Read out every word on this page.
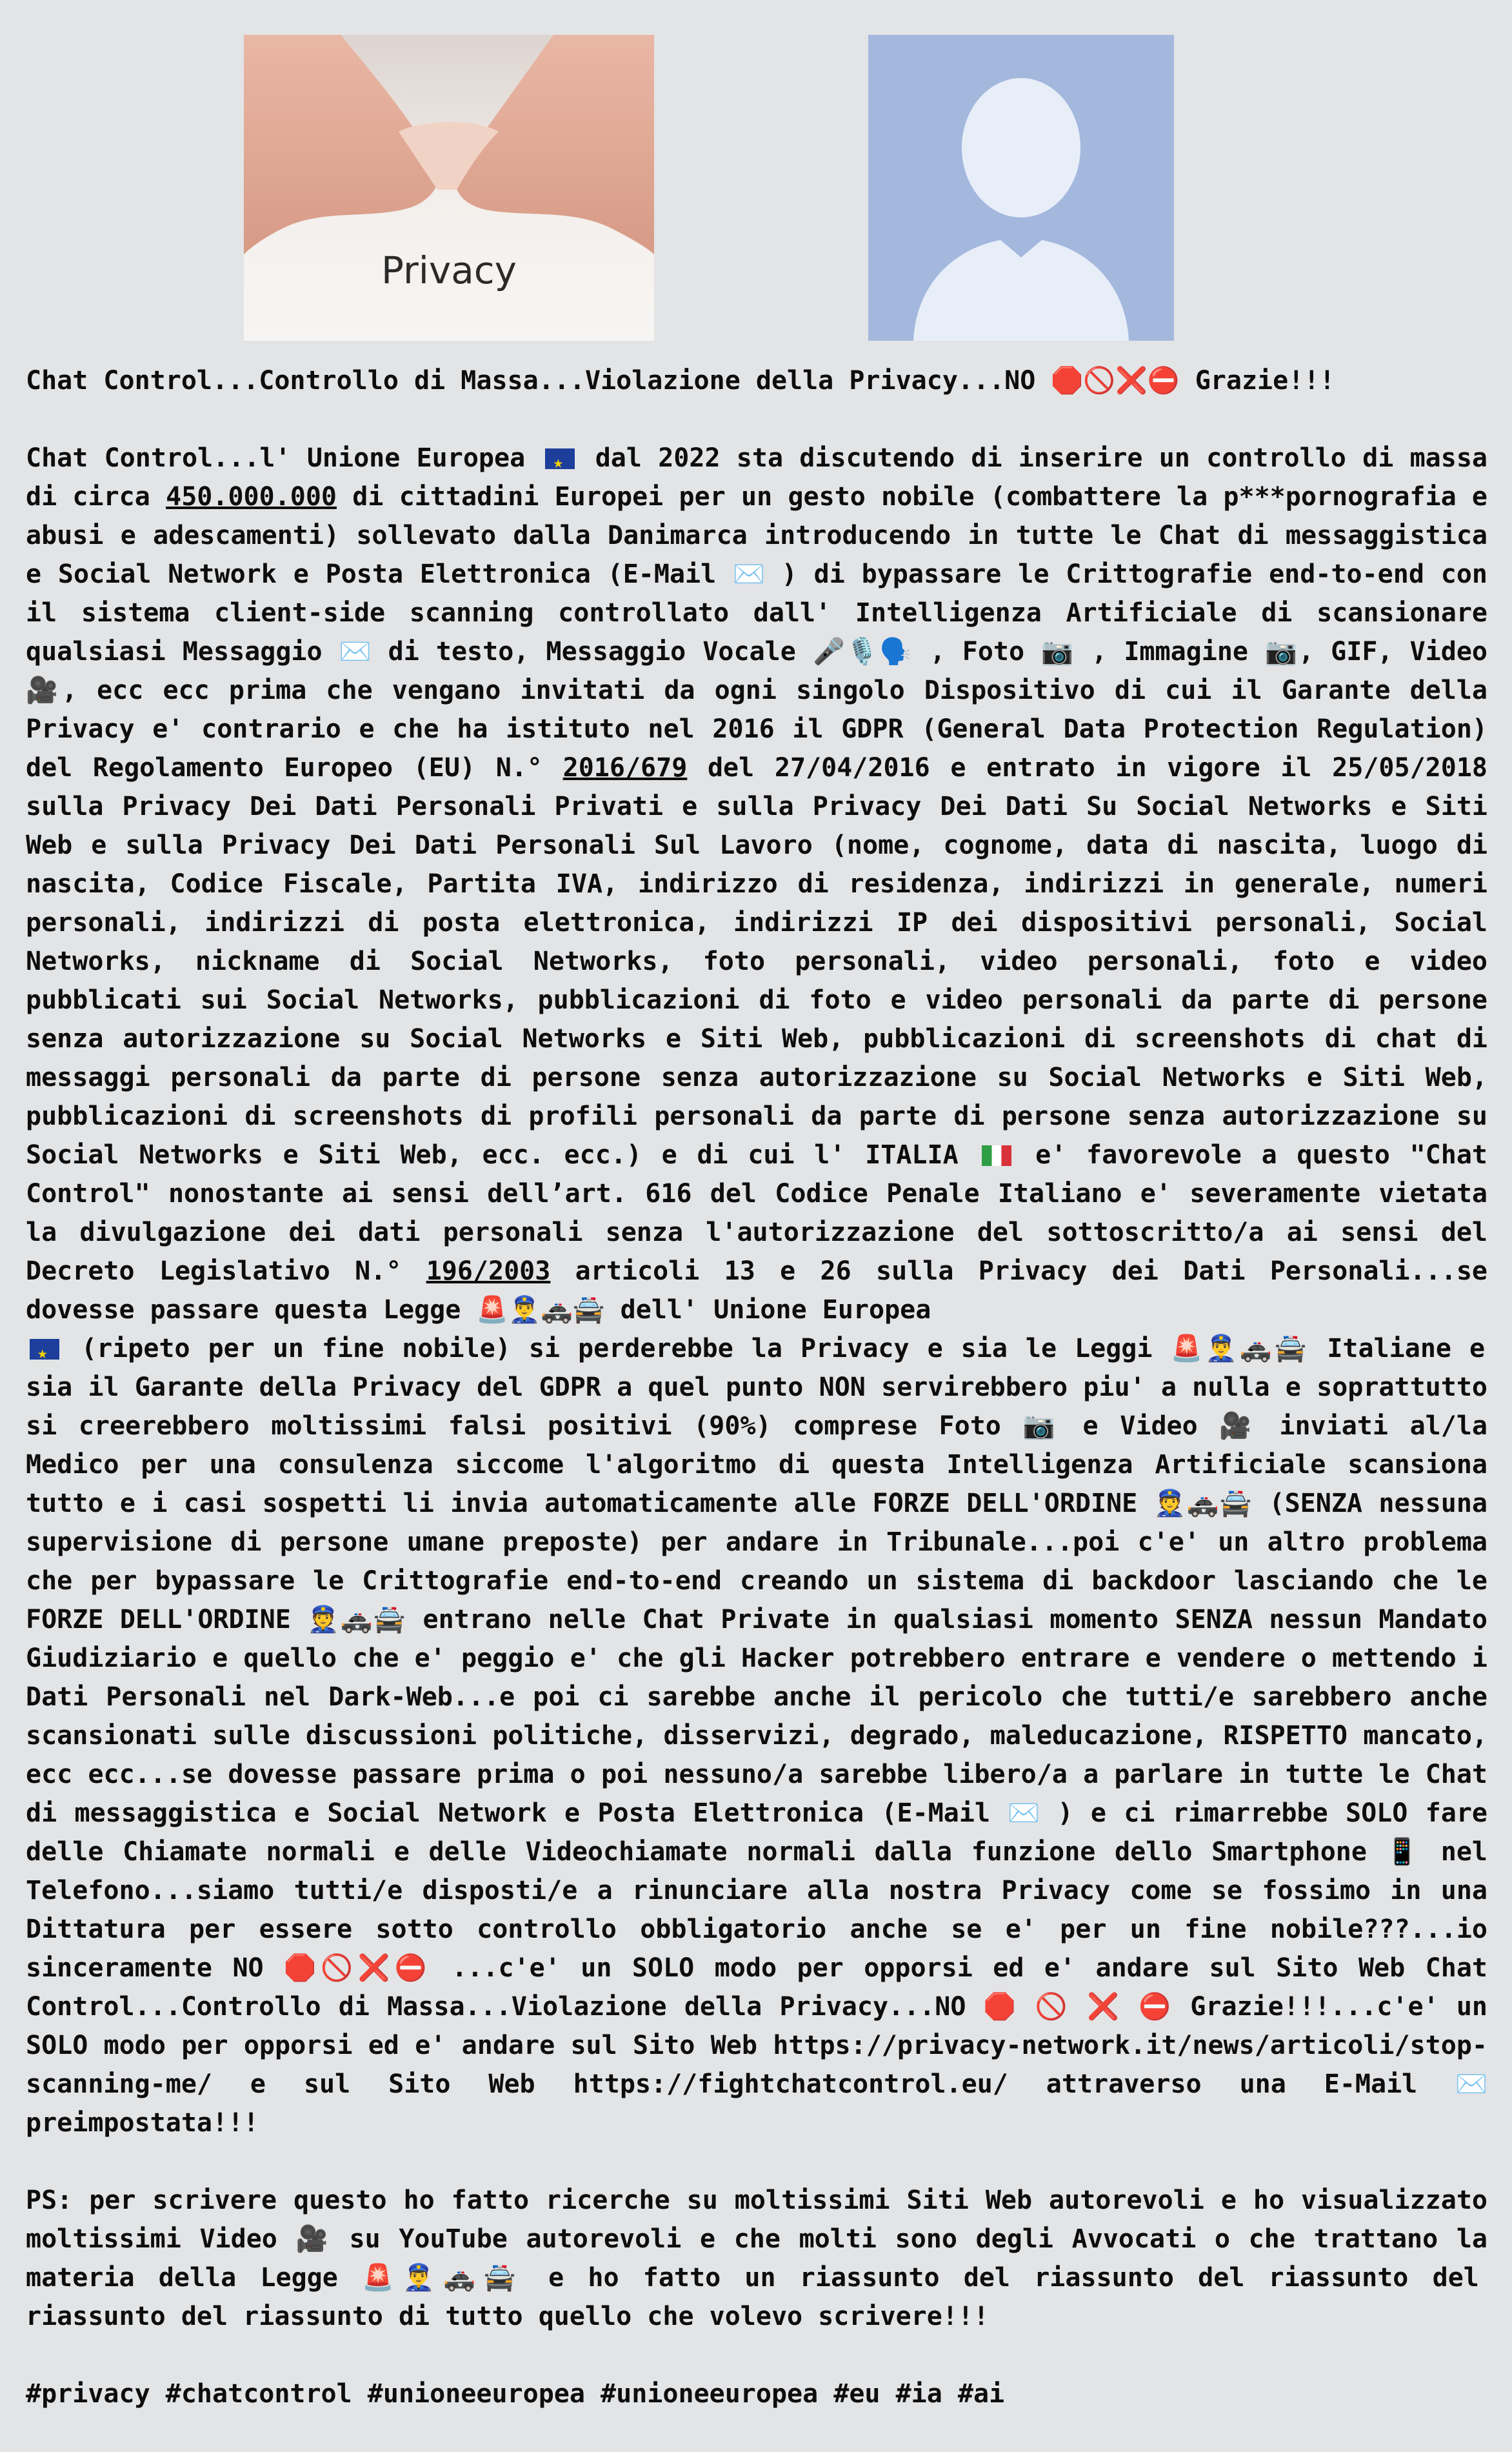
Privacy

Chat Control...Controllo di Massa...Violazione della Privacy...NO 🛑🚫❌⛔ Grazie!!!

Chat Control...l' Unione Europea ★	dal 2022 sta discutendo di inserire un controllo di massa di circa 450.000.000 di cittadini Europei per un gesto nobile (combattere la p***pornografia e abusi e adescamenti) sollevato dalla Danimarca introducendo in tutte le Chat di messaggistica e Social Network e Posta Elettronica (E-Mail ✉️ ) di bypassare le Crittografie end-to-end con il sistema client-side scanning controllato dall' Intelligenza Artificiale di scansionare qualsiasi Messaggio ✉️ di testo, Messaggio Vocale 🎤🎙️🗣️ , Foto 📷 , Immagine 📷, GIF, Video 🎥, ecc ecc prima che vengano invitati da ogni singolo Dispositivo di cui il Garante della Privacy e' contrario e che ha istituto nel 2016 il GDPR (General Data Protection Regulation) del Regolamento Europeo (EU) N.° 2016/679 del 27/04/2016 e entrato in vigore il 25/05/2018 sulla Privacy Dei Dati Personali Privati e sulla Privacy Dei Dati Su Social Networks e Siti Web e sulla Privacy Dei Dati Personali Sul Lavoro (nome, cognome, data di nascita, luogo di nascita, Codice Fiscale, Partita IVA, indirizzo di residenza, indirizzi in generale, numeri personali, indirizzi di posta elettronica, indirizzi IP dei dispositivi personali, Social Networks, nickname di Social Networks, foto personali, video personali, foto e video pubblicati sui Social Networks, pubblicazioni di foto e video personali da parte di persone senza autorizzazione su Social Networks e Siti Web, pubblicazioni di screenshots di chat di messaggi personali da parte di persone senza autorizzazione su Social Networks e Siti Web, pubblicazioni di screenshots di profili personali da parte di persone senza autorizzazione su Social Networks e Siti Web, ecc. ecc.) e di cui l' ITALIA	e' favorevole a questo "Chat Control" nonostante ai sensi dell’art. 616 del Codice Penale Italiano e' severamente vietata la divulgazione dei dati personali senza l'autorizzazione del sottoscritto/a ai sensi del Decreto Legislativo N.° 196/2003 articoli 13 e 26 sulla Privacy dei Dati Personali...se dovesse passare questa Legge 🚨👮‍♂️🚓🚔 dell' Unione Europea
★ (ripeto per un fine nobile) si perderebbe la Privacy e sia le Leggi 🚨👮‍♂️🚓🚔 Italiane e sia il Garante della Privacy del GDPR a quel punto NON servirebbero piu' a nulla e soprattutto si creerebbero moltissimi falsi positivi (90%) comprese Foto 📷 e Video 🎥 inviati al/la Medico per una consulenza siccome l'algoritmo di questa Intelligenza Artificiale scansiona tutto e i casi sospetti li invia automaticamente alle FORZE DELL'ORDINE 👮🚓🚔 (SENZA nessuna supervisione di persone umane preposte) per andare in Tribunale...poi c'e' un altro problema che per bypassare le Crittografie end-to-end creando un sistema di backdoor lasciando che le FORZE DELL'ORDINE 👮🚓🚔 entrano nelle Chat Private in qualsiasi momento SENZA nessun Mandato Giudiziario e quello che e' peggio e' che gli Hacker potrebbero entrare e vendere o mettendo i Dati Personali nel Dark-Web...e poi ci sarebbe anche il pericolo che tutti/e sarebbero anche scansionati sulle discussioni politiche, disservizi, degrado, maleducazione, RISPETTO mancato, ecc ecc...se dovesse passare prima o poi nessuno/a sarebbe libero/a a parlare in tutte le Chat di messaggistica e Social Network e Posta Elettronica (E-Mail ✉️ ) e ci rimarrebbe SOLO fare delle Chiamate normali e delle Videochiamate normali dalla funzione dello Smartphone 📱 nel Telefono...siamo tutti/e disposti/e a rinunciare alla nostra Privacy come se fossimo in una Dittatura per essere sotto controllo obbligatorio anche se e' per un fine nobile???...io sinceramente NO 🛑🚫❌⛔ ...c'e' un SOLO modo per opporsi ed e' andare sul Sito Web Chat Control...Controllo di Massa...Violazione della Privacy...NO 🛑 🚫 ❌ ⛔ Grazie!!!...c'e' un SOLO modo per opporsi ed e' andare sul Sito Web https://privacy-network.it/news/articoli/stop-scanning-me/ e sul Sito Web https://fightchatcontrol.eu/ attraverso una E-Mail ✉️ preimpostata!!!

PS: per scrivere questo ho fatto ricerche su moltissimi Siti Web autorevoli e ho visualizzato moltissimi Video 🎥 su YouTube autorevoli e che molti sono degli Avvocati o che trattano la materia della Legge 🚨👮‍♂️🚓🚔 e ho fatto un riassunto del riassunto del riassunto del riassunto del riassunto di tutto quello che volevo scrivere!!!

#privacy #chatcontrol #unioneeuropea #unioneeuropea #eu #ia #ai
